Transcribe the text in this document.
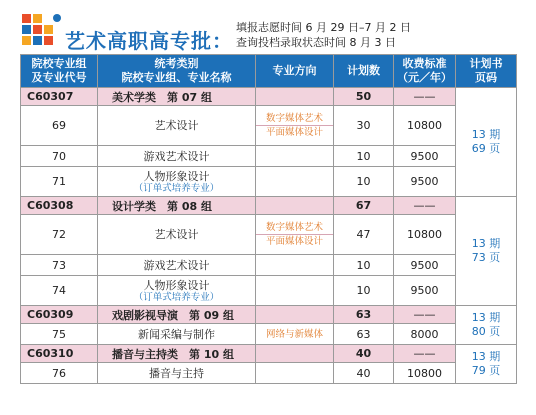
艺术高职高专批：
填报志愿时间 6 月 29 日–7 月 2 日
查询投档录取状态时间 8 月 3 日
院校专业组
及专业代号	统考类别
院校专业组、专业名称	专业方向	计划数	收费标准
（元／年）	计划书
页码
C60307	美术学类　第 07 组		50	——	13 期
69 页
69	艺术设计	数字媒体艺术
平面媒体设计	30	10800	
70	游戏艺术设计		10	9500	
71	人物形象设计
（订单式培养专业）		10	9500	
C60308	设计学类　第 08 组		67	——	13 期
73 页
72	艺术设计	数字媒体艺术
平面媒体设计	47	10800	
73	游戏艺术设计		10	9500	
74	人物形象设计
（订单式培养专业）		10	9500	
C60309	戏剧影视导演　第 09 组		63	——	13 期
80 页
75	新闻采编与制作	网络与新媒体	63	8000	
C60310	播音与主持类　第 10 组		40	——	13 期
79 页
76	播音与主持		40	10800	
